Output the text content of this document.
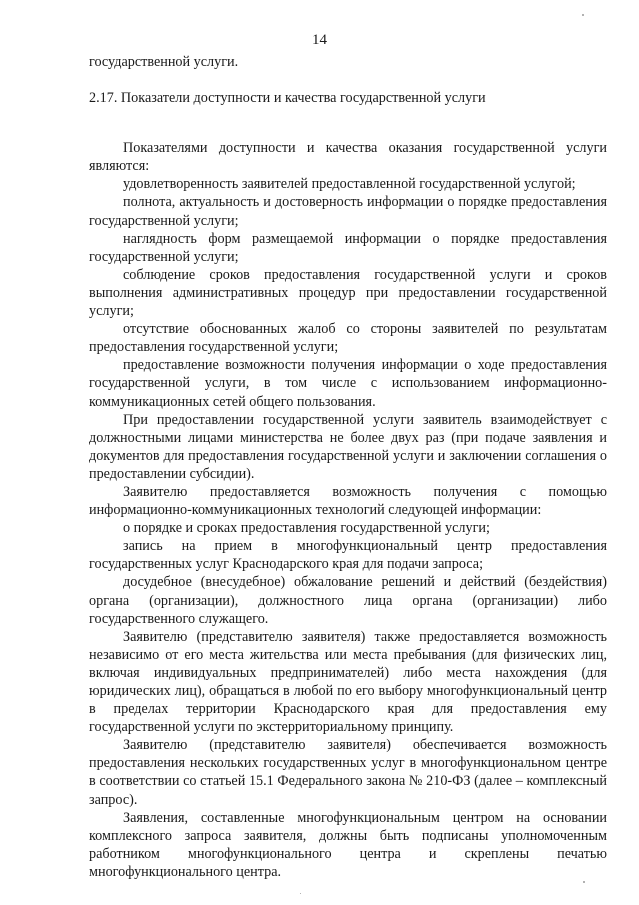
14

государственной услуги.

2.17. Показатели доступности и качества государственной услуги

Показателями доступности и качества оказания государственной услуги являются:

удовлетворенность заявителей предоставленной государственной услугой;

полнота, актуальность и достоверность информации о порядке предоставления государственной услуги;

наглядность форм размещаемой информации о порядке предоставления государственной услуги;

соблюдение сроков предоставления государственной услуги и сроков выполнения административных процедур при предоставлении государственной услуги;

отсутствие обоснованных жалоб со стороны заявителей по результатам предоставления государственной услуги;

предоставление возможности получения информации о ходе предоставления государственной услуги, в том числе с использованием информационно-коммуникационных сетей общего пользования.

При предоставлении государственной услуги заявитель взаимодействует с должностными лицами министерства не более двух раз (при подаче заявления и документов для предоставления государственной услуги и заключении соглашения о предоставлении субсидии).

Заявителю предоставляется возможность получения с помощью информационно-коммуникационных технологий следующей информации:

о порядке и сроках предоставления государственной услуги;

запись на прием в многофункциональный центр предоставления государственных услуг Краснодарского края для подачи запроса;

досудебное (внесудебное) обжалование решений и действий (бездействия) органа (организации), должностного лица органа (организации) либо государственного служащего.

Заявителю (представителю заявителя) также предоставляется возможность независимо от его места жительства или места пребывания (для физических лиц, включая индивидуальных предпринимателей) либо места нахождения (для юридических лиц), обращаться в любой по его выбору многофункциональный центр в пределах территории Краснодарского края для предоставления ему государственной услуги по экстерриториальному принципу.

Заявителю (представителю заявителя) обеспечивается возможность предоставления нескольких государственных услуг в многофункциональном центре в соответствии со статьей 15.1 Федерального закона № 210-ФЗ (далее – комплексный запрос).

Заявления, составленные многофункциональным центром на основании комплексного запроса заявителя, должны быть подписаны уполномоченным работником многофункционального центра и скреплены печатью многофункционального центра.
